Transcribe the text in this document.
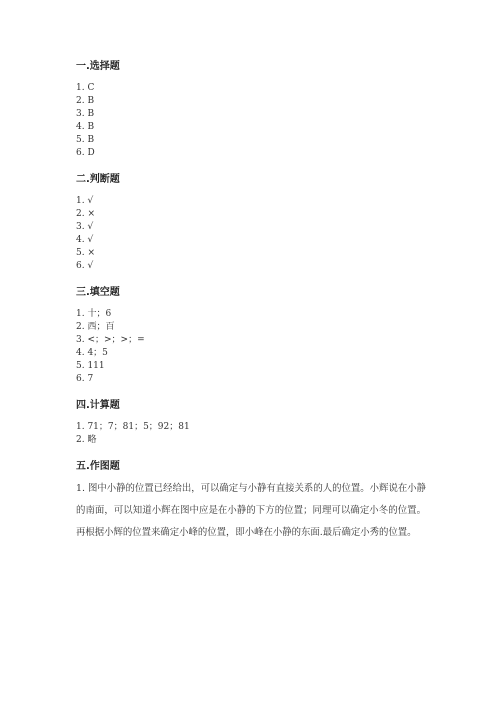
一.选择题
1. C
2. B
3. B
4. B
5. B
6. D
二.判断题
1. √
2. ×
3. √
4. √
5. ×
6. √
三.填空题
1. 十；6
2. 西；百
3. <；>；>；=
4. 4；5
5. 111
6. 7
四.计算题
1. 71；7；81；5；92；81
2. 略
五.作图题
1. 图中小静的位置已经给出，可以确定与小静有直接关系的人的位置。小辉说在小静的南面，可以知道小辉在图中应是在小静的下方的位置；同理可以确定小冬的位置。再根据小辉的位置来确定小峰的位置，即小峰在小静的东面.最后确定小秀的位置。
